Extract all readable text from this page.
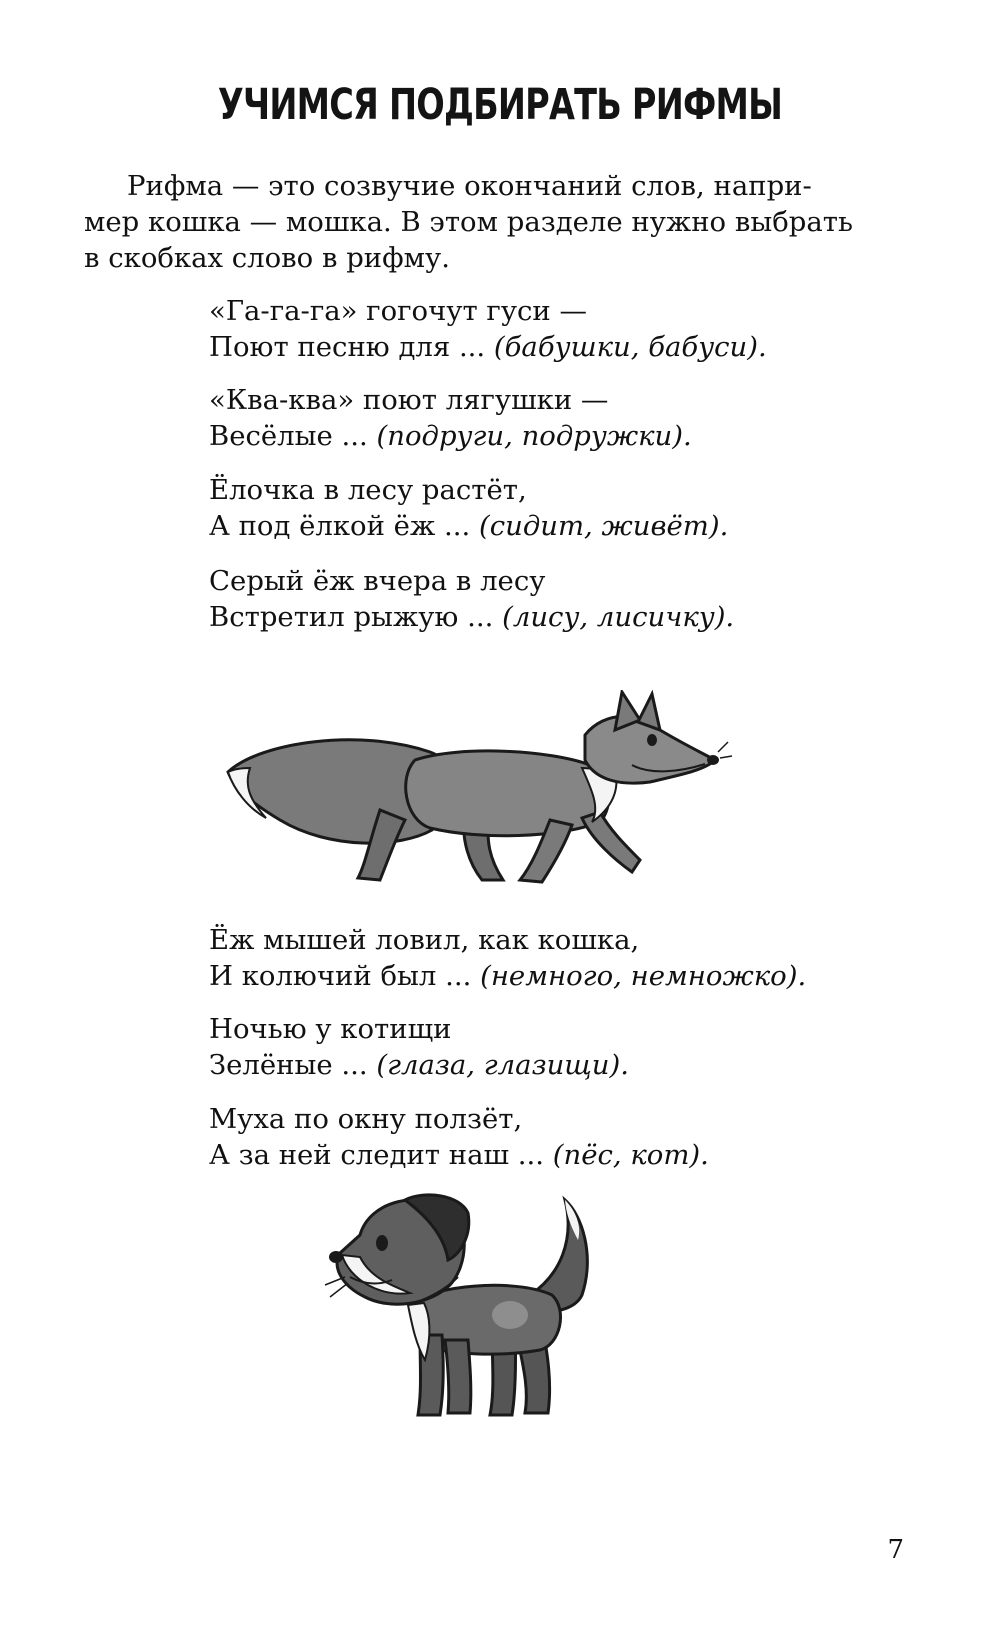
УЧИМСЯ ПОДБИРАТЬ РИФМЫ

Рифма — это созвучие окончаний слов, напри-
мер кошка — мошка. В этом разделе нужно выбрать
в скобках слово в рифму.

«Га-га-га» гогочут гуси —
Поют песню для ... (бабушки, бабуси).
«Ква-ква» поют лягушки —
Весёлые ... (подруги, подружки).
Ёлочка в лесу растёт,
А под ёлкой ёж ... (сидит, живёт).
Серый ёж вчера в лесу
Встретил рыжую ... (лису, лисичку).
Ёж мышей ловил, как кошка,
И колючий был ... (немного, немножко).
Ночью у котищи
Зелёные ... (глаза, глазищи).
Муха по окну ползёт,
А за ней следит наш ... (пёс, кот).
7
